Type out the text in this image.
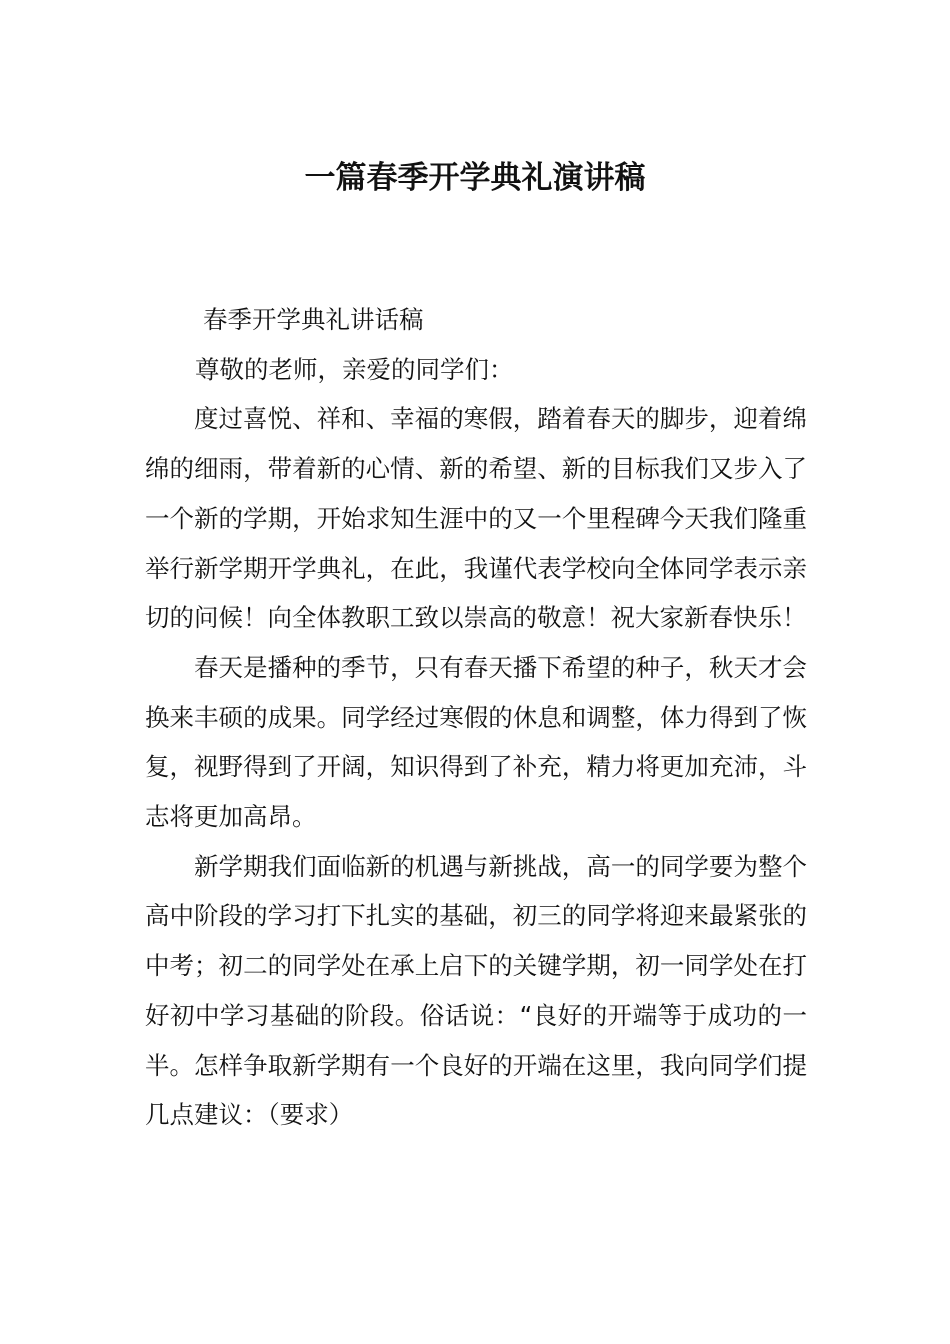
一篇春季开学典礼演讲稿

春季开学典礼讲话稿

尊敬的老师，亲爱的同学们：

度过喜悦、祥和、幸福的寒假，踏着春天的脚步，迎着绵绵的细雨，带着新的心情、新的希望、新的目标我们又步入了一个新的学期，开始求知生涯中的又一个里程碑今天我们隆重举行新学期开学典礼，在此，我谨代表学校向全体同学表示亲切的问候！向全体教职工致以崇高的敬意！祝大家新春快乐！

春天是播种的季节，只有春天播下希望的种子，秋天才会换来丰硕的成果。同学经过寒假的休息和调整，体力得到了恢复，视野得到了开阔，知识得到了补充，精力将更加充沛，斗志将更加高昂。

新学期我们面临新的机遇与新挑战，高一的同学要为整个高中阶段的学习打下扎实的基础，初三的同学将迎来最紧张的中考；初二的同学处在承上启下的关键学期，初一同学处在打好初中学习基础的阶段。俗话说：“良好的开端等于成功的一半。怎样争取新学期有一个良好的开端在这里，我向同学们提几点建议：（要求）
